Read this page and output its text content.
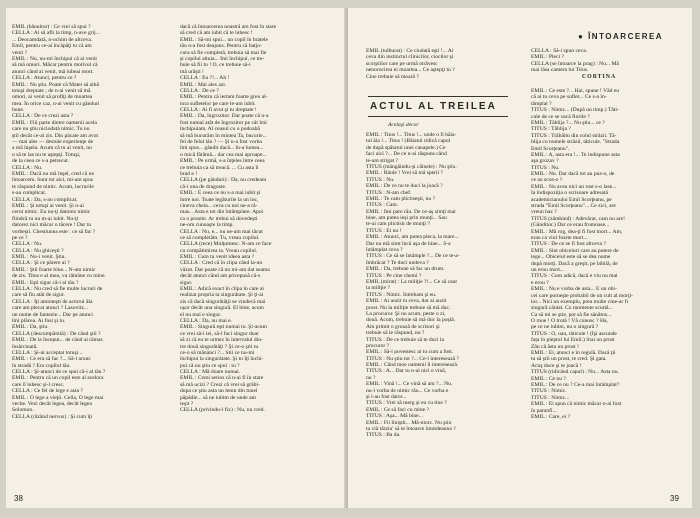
EMIL (bănuitor) : Ce vrei să spui ?
CELLA : Ai să afli la timp, n-ave grij...
... Deocamdată, n-ochim de altceva.
Emil, pentru ce-ai încăpăţi tu că am
venit ?
EMIL : Nu, nu-mi închipui că ai venit
să mă omori. Măcar pentru motivul că
atunci când ai venit, mă iubeai mort.
CELLA : Atunci, pentru ce ?
EMIL : Nu ştiu. Poate că Matei să aibă
totuşi dreptate ; de n-ai venit să mă
omori, ai venit să profiţi de moartea
mea. În orice caz, n-ai venit cu gânduri
bune.
CELLA : De ce crezi asta ?
EMIL : Fiii parte dintre oamenii acela
care nu ştiu niciodată nimic. Tu nu
ştii decât ce-ai zis. Din păcate am avut
— mai ales — destule experienţe de
a mă înşela. Acum că tu ai venit, nu
o să te las nu te aştepţi. Totuşi,
de la ceea ce s-a petrecut.
CELLA : Nu.
EMIL : Dacă nu mă înşel, cred că ne
întoarcem. Sunt tot aici, mi-am spus
te răspund de nimic. Acum, lucrurile
s-au complicat.
CELLA : Da, s-au complicat.
EMIL : Şi totuşi ai venit. Şi n-ai
cerut nimic. Eu nu-ţi datorez nimic
fiindcă tu nu m-ai iubit. Nu-ţi
datorez nici măcar o tăcere ! Dar tu
vorbeşti. Chestiunea este : ce să fac ?
pe ce ?
CELLA : Nu.
CELLA : Nu ghiceşti ?
EMIL : Nu-i venit. Ştiu.
CELLA : Şi ce părere ai ?
EMIL : Ştii foarte bine... N-am nimic
de zis. Titus e al meu, va rămâne cu mine.
EMIL : Eşti sigur că-i al tău ?
CELLA : Nu cred să fie multe lucruri de
care să fiu atât de sigur.
CELLA : Îţi aminteşti de actorul ăla
care am plecat atunci ? Lasovitz...
un nume de fantezie... Dar pe atunci
îmi plăcea. Ai fost şi tu.
EMIL : Da, ştiu.
CELLA (descumpănită) : De când ştii ?
EMIL : De la început... de când ai rămas
însărcinată.
CELLA : Şi-ai acceptat totuşi...
EMIL : Ce era să fac ?... Să-l arunc
în stradă ? Era copilul tău.
CELLA : Şi-atunci de ce spui că-i al tău ?
EMIL : Pentru că un copil este al acelora
care îl iubesc şi-l cresc.
CELLA : Ce fel de lege e asta ?
EMIL : O lege a vieţii. Cella, O lege mai
veche. Vezi decât legea, decât legea
Solomon.
CELLA (râzând nervos) : Şi cum îţi
dacă că întoarcerea noastră am fost în stare
să cred că am iubit că te iubesc !
EMIL : Să-mi spui... un copil în bratele
tău n-a fost deajuns. Pentru că batjo-
cura să fie completă, trebuia să mai fie
şi copilul altuia... Îmi închipui, ce tre-
buie să fii tu ! O, ce trebuie să-i
mă urăşti !
CELLA : Eu ?!... Ah !
EMIL : Mai ales azi.
CELLA : De ce ?
EMIL : Pentru că iertam foarte greu al-
tora sufletelor pe care le-am iubit.
CELLA : Ai fi avut şi tu dreptate !
EMIL : Da, îngrozitor. Dar poate că n-a
fost numai atât de îngrozitor pe cât îmi
închipuiam. Al ceasul cu o podoabă
să mă bucurăm în mintea Ta, bucurie...
fel de felul tău ? — Şi n-a fost vorba
îmi spus... gândit dacă... în-a lumea...
o mică fărâmă... dar cea mai aproape...
EMIL : Pe urmă, s-a înţeles între ceea
ce trebuia ca să treacă. ... Cu asta îl
brad e !
CELLA (pe gânduri) : Da, nu credeam
că-i una de dragoste.
EMIL : E ceea ce nu s-a mai iubit şi
între noi. Toate legăturile la un loc,
cineva cheia... ceva cu noi ne-a ră-
mas... Asta e tot din întâmplare. Apoi
ca o prostie. Ar trebui să dovedeşti
ne-om cunoaşte la timp.
CELLA : Nu, e... nu ne-am mai tăcut
ce să completăm. Tu, vreau copilul.
CELLA (rece) Mulţumesc. N-am ce face
cu compătimirea ta. Vreau copilul.
EMIL : Cum tu venit ideea asta ?
CELLA : Cred că în clipa când la-un
văzut. Dar poate că nu mi-am dat seama
decât atunci când am pricepusă că-s
sigur.
EMIL : Adică exact în clipa în care ai
realizat propria ta singurătate. Şi ţi-ai
zis că dacă singurătăţii se vindecă mai
uşor decât una singură. El bine, acum
el nu mai e singur.
CELLA : Da, nu mai e.
EMIL : Singură eşti numai tu. Şi-acum
ce vrei să-i iei, să-l faci singur doar
să zi că eu te urmez în intervalul din-
tre două singurătăţi ? Şi ce-o ştii tu
ce-o să mănânci ?... Stii ce nu-mi
închipui la singurătate. Şi tu îţi închi-
pui că nu ştiu ce spui : tu ?
CELLA : Mă doare numai.
EMIL : Crezi serios că n-ai fi în stare
să mă ucizi ? Crezi că vrei să grăbi-
dupa ce ştiu asta un lemn din tunel
păpădie... să ne iubim de unde am
ieşit ?
CELLA (privindu-l fix) : Nu, nu cred.
38
● ÎNTOARCEREA
EMIL (tulburat) : Ce ciudată eşti !... Ai
ceva din instinctul clinicilor, ciocilor şi
scorpiilor care pe urmă otrăvesc
nenorocirea ei moartea... Ce aştepţi tu ?
Cine trebuie să moară ?
CELLA : Să-i spun ceva.
EMIL : Pleci ?
CELLA (se întoarce la prag) : Nu... Mă
mai lăsa camera lui Titus.
CORTINA
ACTUL AL TREILEA
Acelaşi decor
EMIL : Titus !... Titus !... unde o fi băia-
tul ăla !... Titus ! (Băiatul ridică capul
de după spătarul unei canapele.) Ce
faci aici ?... De ce n-ai răspuns când
te-am strigat ?
TITUS (mângâindu-şi câinele) : Nu ştiu.
EMIL : Râule ! Vrei să mă sperii ?
TITUS : Nu.
EMIL : De ce nu te duci la joacă ?
TITUS : N-am chef.
EMIL : Te cam plictiseşti, nu ?
TITUS : Cam.
EMIL : Îmi pare rău. De ce-aş simţi mai
bine, am putea ieşi prin munţi... Sau
te-ai cam plictisit de munţi ?
TITUS : Ei nu !
EMIL : Atunci, am putea pleca, la mare...
Dar nu mă simt încă aşa de bine... S-a
întâmplat ceva ?
TITUS : Ce să se întâmple ?... De ce te-a-
îmbrăcat ? Te duci undeva ?
EMIL : Da, trebuie să fac un drum.
TITUS : Pe cine chemi ?
EMIL (mirat) : La miliţie ?!... Ce să caut
la miliţie ?
TITUS : Nimic. Întrebam şi eu.
EMIL : Ai auzit tu ceva, dar ai auzit
prost. Nu la miliţie trebuie să mă duc.
La procuror. Şi nu acum, peste o zi,
două. Acum, trebuie să mă duc la poştă.
Am primit o groază de scrisori şi
trebuie să le răspund, nu ?
TITUS : De ce trebuie să te duci la
procuror ?
EMIL : Să-i povestesc ai tu cum a fost.
TITUS : Nu ştiu tot ?... Ce-l interesează ?
EMIL : Când moe oamenii îl interesează.
TITUS : A... Dar tu n-ai nici o vină,
nu ?
EMIL : Vină !... Ce vină să am ?... Nu.
nu-i vorba de nimic rău... Ce vorba e
şi i-au fost dator...
TITUS : Vrei să merg şi eu cu tine ?
EMIL : Ce să faci cu mine ?
TITUS : Aşa... Mă bine...
EMIL : Fii liniştit... Mă-ntorc. Nu ştiu
tu ciă târziu' să te întoarce întotdeauna ?
TITUS : Ba da.
EMIL : Ce este ?... Hai, spune ! Văd eu
că ai tu ceva pe suflet... Ce s-a în-
tâmplat ?
TITUS : Nimic... (După un timp.) Tăti-
cule de ce se uscă florile ?
EMIL : Tăblija ?... Nu ştiu... ce ?
TITUS : Tăblija ?
TITUS : Trăbăitu din colul străzii. Tă-
blija cu numele străzii, tăticule. "Strada
Emil Scorţeanu".
EMIL : A, asta era !... Te indispune asta
aşa grozav ?
TITUS : Nu.
EMIL : Nu. Dar dacă tot au pus-o, de
ce au scos-o ?
EMIL : Nu avea nici un rost s-o lase...
Ia îndispoziţia o scrisoare adresată
academicianului Emil Scorţeanu, pe
strada "Emil Scorţeanu"... Ce zici, are
vreun haz ?
TITUS (zâmbind) : Adevărat, cam nu are!
(Gânditor.) Dar ce erau frumoase...
EMIL : Mă rog, dea-ţi fi fost mort... Am,
erau ca viul foarte mort...
TITUS : De ce se fi fost altceva ?
EMIL : Sint obiceiuri care au putere de
lege... Obiceiul este să se dea nume
după morţi. Dacă a greşit, pe bibilă, de
un erou mort...
TITUS : Cum adică, dacă e viu nu mai
e erou ?
EMIL : Nu e vorba de asta... E un obi-
cei care porneşte probabil de un cult al morţi-
lor... Nici un exemplu, prea multe cine-ar fi
singură căutat. Cu momente scurtă...
Ca să mi se ştie, pot să fie sănătos...
O rnoe ! O trotă ! Vă cunosc ? Ha,
pe ce ne iubim, nu o singură ?
TITUS : O, uau, tăticule ! (Îşi ascunde
fața în pieptul lui Emil.) Stai un prost
Zău că ăsta un prost !
EMIL : Ei, atunci e în regulă. Dacă ţii
tu să ştii un prost, te cred. Şi gata.
Acuş duce şi te joacă !
TITUS (ridicând capul) : Nu... Asta nu.
EMIL : Ce nu ?
EMIL : De ce nu ? Ce-a mai întâmplat?
TITUS : Nimic.
TITUS : Nimic...
EMIL : Ei spun că nimic măcar n-ai fost
în pantofi...
EMIL : Care, ei ?
39
